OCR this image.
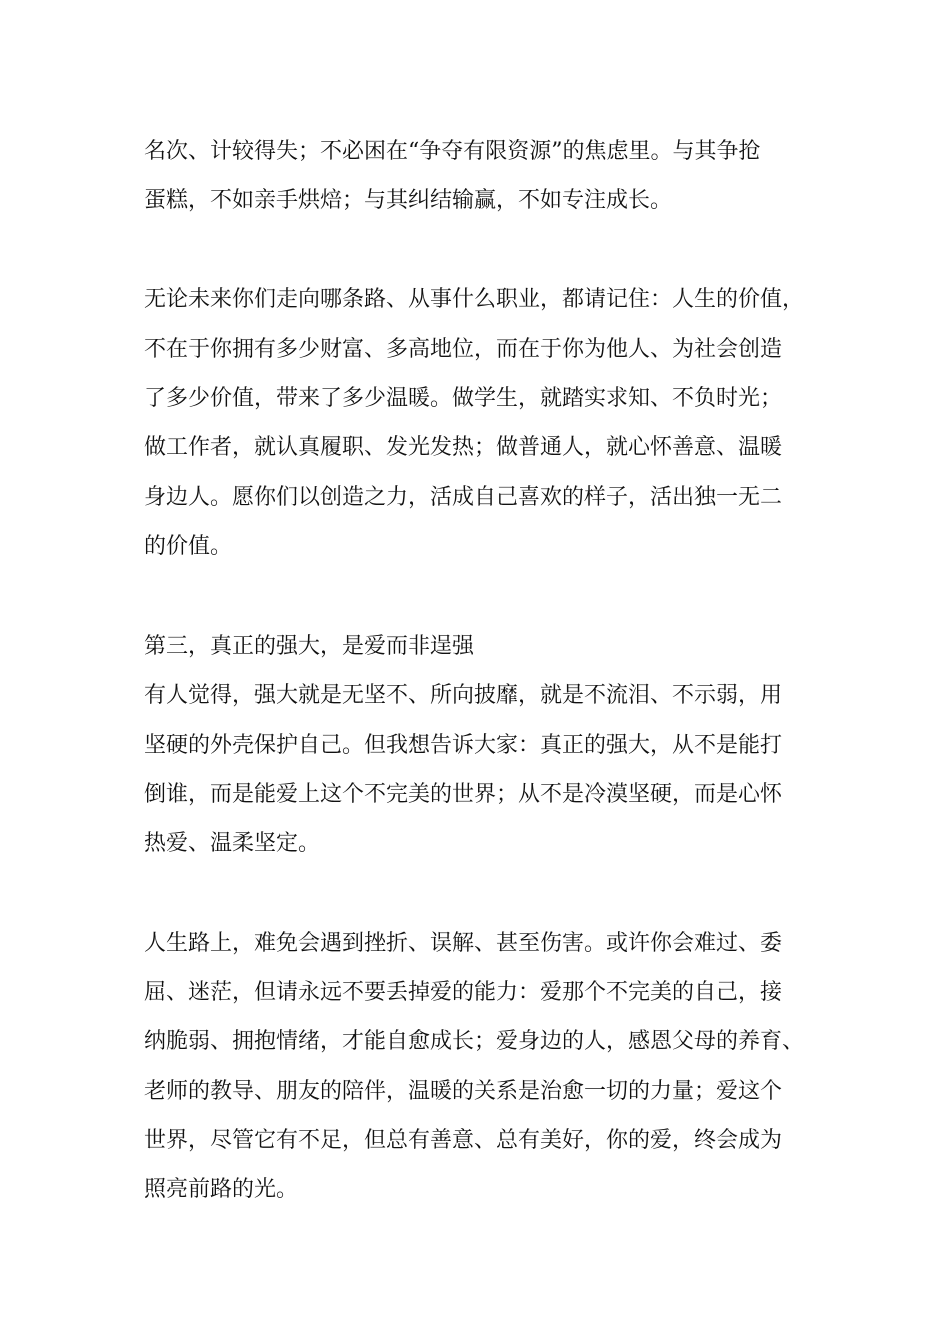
名次、计较得失；不必困在“争夺有限资源”的焦虑里。与其争抢
蛋糕，不如亲手烘焙；与其纠结输赢，不如专注成长。
无论未来你们走向哪条路、从事什么职业，都请记住：人生的价值，
不在于你拥有多少财富、多高地位，而在于你为他人、为社会创造
了多少价值，带来了多少温暖。做学生，就踏实求知、不负时光；
做工作者，就认真履职、发光发热；做普通人，就心怀善意、温暖
身边人。愿你们以创造之力，活成自己喜欢的样子，活出独一无二
的价值。
第三，真正的强大，是爱而非逞强
有人觉得，强大就是无坚不、所向披靡，就是不流泪、不示弱，用
坚硬的外壳保护自己。但我想告诉大家：真正的强大，从不是能打
倒谁，而是能爱上这个不完美的世界；从不是冷漠坚硬，而是心怀
热爱、温柔坚定。
人生路上，难免会遇到挫折、误解、甚至伤害。或许你会难过、委
屈、迷茫，但请永远不要丢掉爱的能力：爱那个不完美的自己，接
纳脆弱、拥抱情绪，才能自愈成长；爱身边的人，感恩父母的养育、
老师的教导、朋友的陪伴，温暖的关系是治愈一切的力量；爱这个
世界，尽管它有不足，但总有善意、总有美好，你的爱，终会成为
照亮前路的光。
